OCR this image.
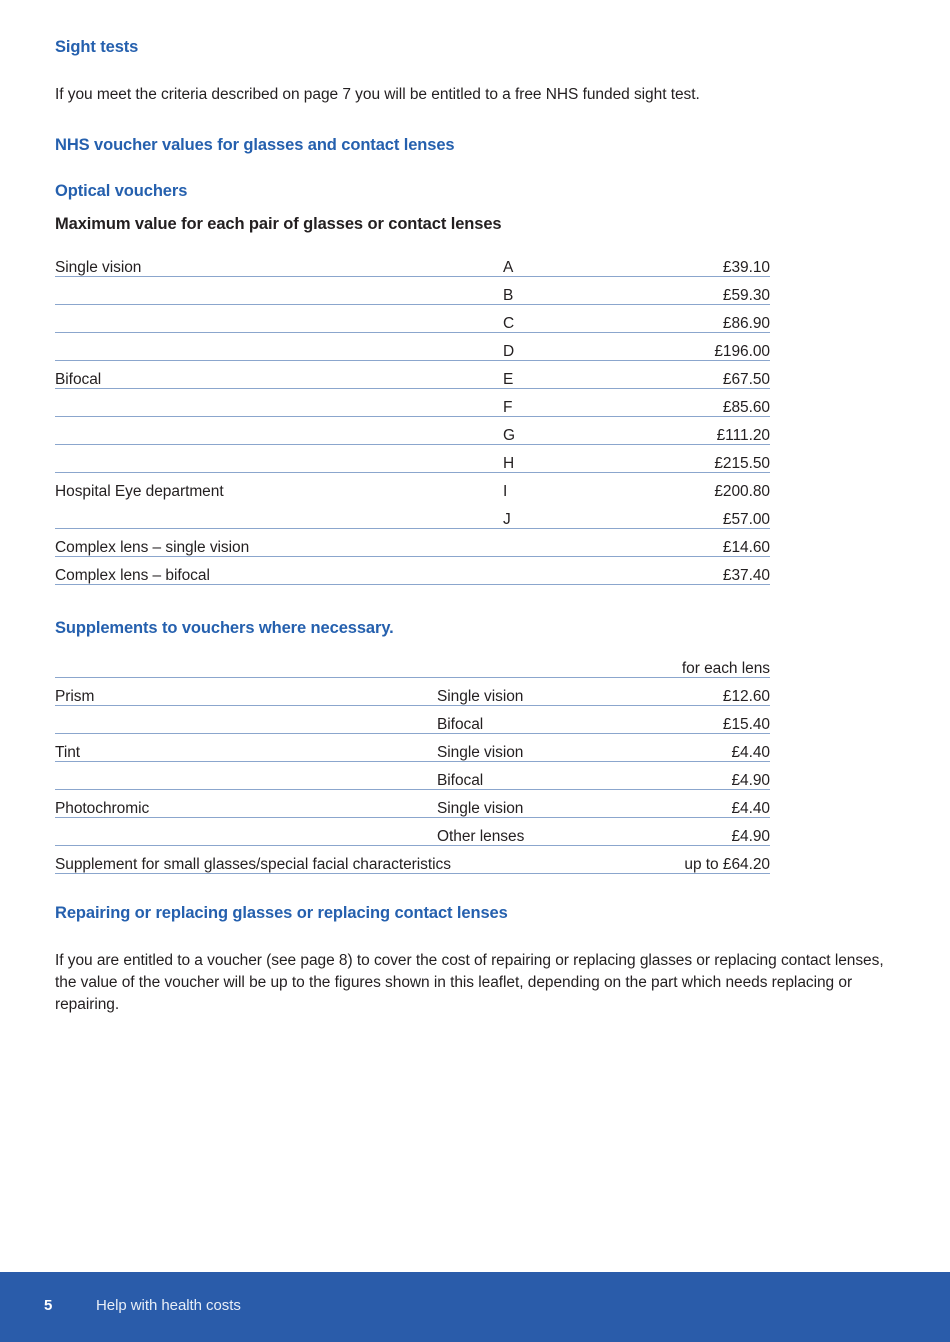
Sight tests

If you meet the criteria described on page 7 you will be entitled to a free NHS funded sight test.

NHS voucher values for glasses and contact lenses
Optical vouchers
Maximum value for each pair of glasses or contact lenses
Single vision	A	£39.10
	B	£59.30
	C	£86.90
	D	£196.00
Bifocal	E	£67.50
	F	£85.60
	G	£111.20
	H	£215.50
Hospital Eye department	I	£200.80
	J	£57.00
Complex lens – single vision		£14.60
Complex lens – bifocal		£37.40
Supplements to vouchers where necessary.
		for each lens
Prism	Single vision	£12.60
	Bifocal	£15.40
Tint	Single vision	£4.40
	Bifocal	£4.90
Photochromic	Single vision	£4.40
	Other lenses	£4.90
Supplement for small glasses/special facial characteristics		up to £64.20
Repairing or replacing glasses or replacing contact lenses

If you are entitled to a voucher (see page 8) to cover the cost of repairing or replacing glasses or replacing contact lenses, the value of the voucher will be up to the figures shown in this leaflet, depending on the part which needs replacing or repairing.

5	Help with health costs
